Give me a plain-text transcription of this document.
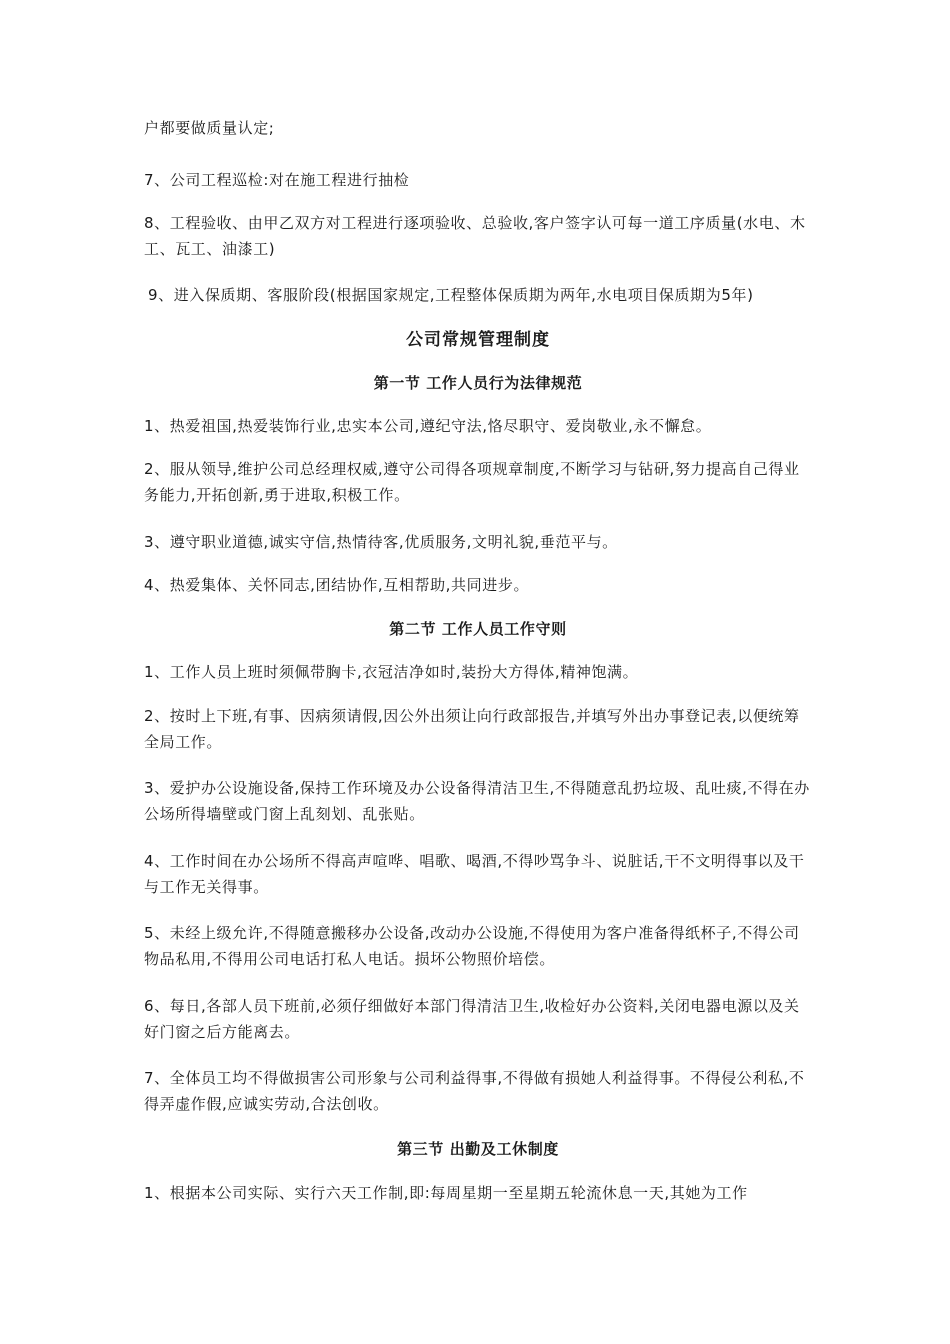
户都要做质量认定;

7、公司工程巡检:对在施工程进行抽检

8、工程验收、由甲乙双方对工程进行逐项验收、总验收,客户签字认可每一道工序质量(水电、木工、瓦工、油漆工)

9、进入保质期、客服阶段(根据国家规定,工程整体保质期为两年,水电项目保质期为5年)

公司常规管理制度
第一节 工作人员行为法律规范

1、热爱祖国,热爱装饰行业,忠实本公司,遵纪守法,恪尽职守、爱岗敬业,永不懈怠。

2、服从领导,维护公司总经理权威,遵守公司得各项规章制度,不断学习与钻研,努力提高自己得业务能力,开拓创新,勇于进取,积极工作。

3、遵守职业道德,诚实守信,热情待客,优质服务,文明礼貌,垂范平与。

4、热爱集体、关怀同志,团结协作,互相帮助,共同进步。

第二节 工作人员工作守则

1、工作人员上班时须佩带胸卡,衣冠洁净如时,装扮大方得体,精神饱满。

2、按时上下班,有事、因病须请假,因公外出须让向行政部报告,并填写外出办事登记表,以便统筹全局工作。

3、爱护办公设施设备,保持工作环境及办公设备得清洁卫生,不得随意乱扔垃圾、乱吐痰,不得在办公场所得墙壁或门窗上乱刻划、乱张贴。

4、工作时间在办公场所不得高声喧哗、唱歌、喝酒,不得吵骂争斗、说脏话,干不文明得事以及干与工作无关得事。

5、未经上级允许,不得随意搬移办公设备,改动办公设施,不得使用为客户准备得纸杯子,不得公司物品私用,不得用公司电话打私人电话。损坏公物照价培偿。

6、每日,各部人员下班前,必须仔细做好本部门得清洁卫生,收检好办公资料,关闭电器电源以及关好门窗之后方能离去。

7、全体员工均不得做损害公司形象与公司利益得事,不得做有损她人利益得事。不得侵公利私,不得弄虚作假,应诚实劳动,合法创收。

第三节 出勤及工休制度

1、根据本公司实际、实行六天工作制,即:每周星期一至星期五轮流休息一天,其她为工作
